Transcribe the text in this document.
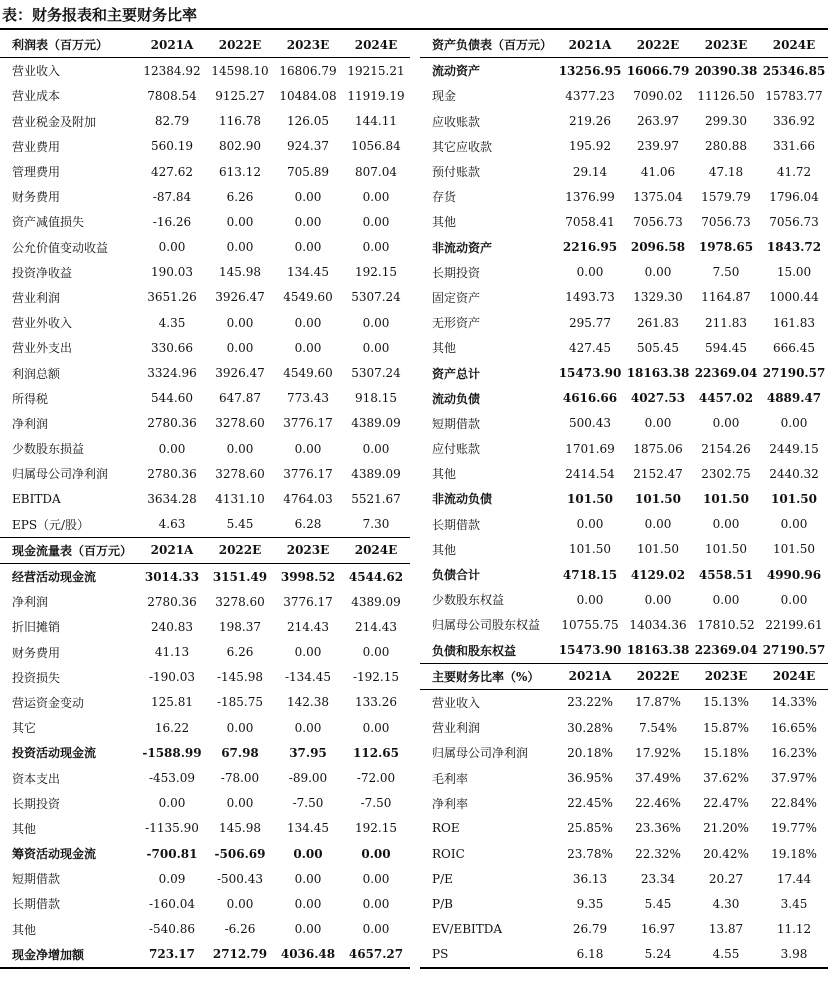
表：财务报表和主要财务比率
利润表（百万元）	2021A	2022E	2023E	2024E
营业收入	12384.92	14598.10	16806.79	19215.21
营业成本	7808.54	9125.27	10484.08	11919.19
营业税金及附加	82.79	116.78	126.05	144.11
营业费用	560.19	802.90	924.37	1056.84
管理费用	427.62	613.12	705.89	807.04
财务费用	-87.84	6.26	0.00	0.00
资产减值损失	-16.26	0.00	0.00	0.00
公允价值变动收益	0.00	0.00	0.00	0.00
投资净收益	190.03	145.98	134.45	192.15
营业利润	3651.26	3926.47	4549.60	5307.24
营业外收入	4.35	0.00	0.00	0.00
营业外支出	330.66	0.00	0.00	0.00
利润总额	3324.96	3926.47	4549.60	5307.24
所得税	544.60	647.87	773.43	918.15
净利润	2780.36	3278.60	3776.17	4389.09
少数股东损益	0.00	0.00	0.00	0.00
归属母公司净利润	2780.36	3278.60	3776.17	4389.09
EBITDA	3634.28	4131.10	4764.03	5521.67
EPS（元/股）	4.63	5.45	6.28	7.30
现金流量表（百万元）	2021A	2022E	2023E	2024E
经营活动现金流	3014.33	3151.49	3998.52	4544.62
净利润	2780.36	3278.60	3776.17	4389.09
折旧摊销	240.83	198.37	214.43	214.43
财务费用	41.13	6.26	0.00	0.00
投资损失	-190.03	-145.98	-134.45	-192.15
营运资金变动	125.81	-185.75	142.38	133.26
其它	16.22	0.00	0.00	0.00
投资活动现金流	-1588.99	67.98	37.95	112.65
资本支出	-453.09	-78.00	-89.00	-72.00
长期投资	0.00	0.00	-7.50	-7.50
其他	-1135.90	145.98	134.45	192.15
筹资活动现金流	-700.81	-506.69	0.00	0.00
短期借款	0.09	-500.43	0.00	0.00
长期借款	-160.04	0.00	0.00	0.00
其他	-540.86	-6.26	0.00	0.00
现金净增加额	723.17	2712.79	4036.48	4657.27
资产负债表（百万元）	2021A	2022E	2023E	2024E
流动资产	13256.95	16066.79	20390.38	25346.85
现金	4377.23	7090.02	11126.50	15783.77
应收账款	219.26	263.97	299.30	336.92
其它应收款	195.92	239.97	280.88	331.66
预付账款	29.14	41.06	47.18	41.72
存货	1376.99	1375.04	1579.79	1796.04
其他	7058.41	7056.73	7056.73	7056.73
非流动资产	2216.95	2096.58	1978.65	1843.72
长期投资	0.00	0.00	7.50	15.00
固定资产	1493.73	1329.30	1164.87	1000.44
无形资产	295.77	261.83	211.83	161.83
其他	427.45	505.45	594.45	666.45
资产总计	15473.90	18163.38	22369.04	27190.57
流动负债	4616.66	4027.53	4457.02	4889.47
短期借款	500.43	0.00	0.00	0.00
应付账款	1701.69	1875.06	2154.26	2449.15
其他	2414.54	2152.47	2302.75	2440.32
非流动负债	101.50	101.50	101.50	101.50
长期借款	0.00	0.00	0.00	0.00
其他	101.50	101.50	101.50	101.50
负债合计	4718.15	4129.02	4558.51	4990.96
少数股东权益	0.00	0.00	0.00	0.00
归属母公司股东权益	10755.75	14034.36	17810.52	22199.61
负债和股东权益	15473.90	18163.38	22369.04	27190.57
主要财务比率（%）	2021A	2022E	2023E	2024E
营业收入	23.22%	17.87%	15.13%	14.33%
营业利润	30.28%	7.54%	15.87%	16.65%
归属母公司净利润	20.18%	17.92%	15.18%	16.23%
毛利率	36.95%	37.49%	37.62%	37.97%
净利率	22.45%	22.46%	22.47%	22.84%
ROE	25.85%	23.36%	21.20%	19.77%
ROIC	23.78%	22.32%	20.42%	19.18%
P/E	36.13	23.34	20.27	17.44
P/B	9.35	5.45	4.30	3.45
EV/EBITDA	26.79	16.97	13.87	11.12
PS	6.18	5.24	4.55	3.98
